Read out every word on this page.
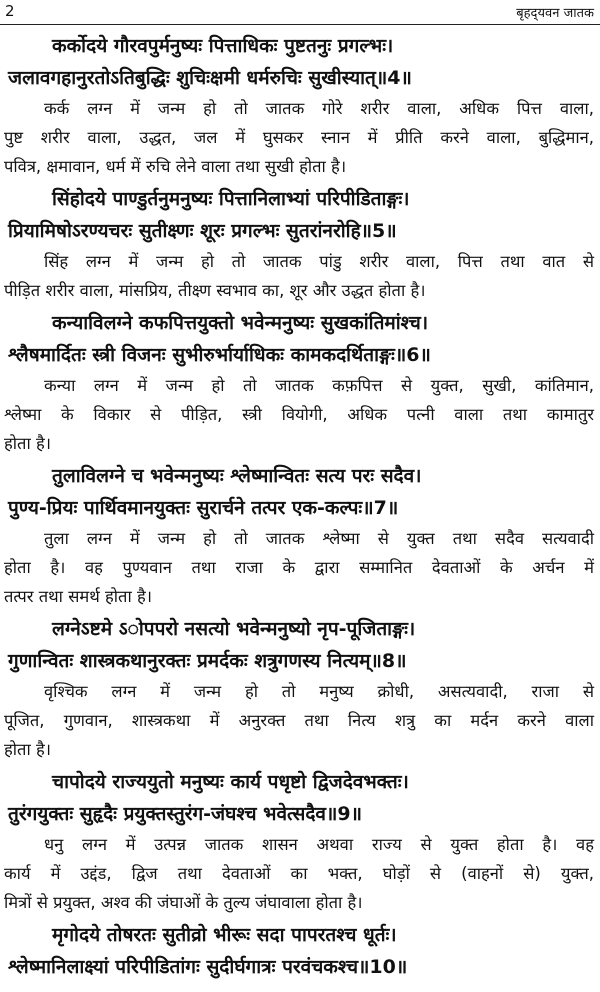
2	बृहद्‌यवन जातक
कर्कोदये गौरवपुर्मनुष्यः पित्ताधिकः पुष्टतनुः प्रगल्भः।
जलावगहानुरतोऽतिबुद्धिः शुचिःक्षमी धर्मरुचिः सुखीस्यात्‌॥4॥
कर्क लग्न में जन्म हो तो जातक गोरे शरीर वाला, अधिक पित्त वाला,
पुष्ट शरीर वाला, उद्धत, जल में घुसकर स्नान में प्रीति करने वाला, बुद्धिमान,
पवित्र, क्षमावान, धर्म में रुचि लेने वाला तथा सुखी होता है।
सिंहोदये पाण्डुर्तनुमनुष्यः पित्तानिलाभ्यां परिपीडिताङ्गः।
प्रियामिषोऽरण्यचरः सुतीक्ष्णः शूरः प्रगल्भः सुतरांनरोहि॥5॥
सिंह लग्न में जन्म हो तो जातक पांडु शरीर वाला, पित्त तथा वात से
पीड़ित शरीर वाला, मांसप्रिय, तीक्ष्ण स्वभाव का, शूर और उद्धत होता है।
कन्याविलग्ने कफपित्तयुक्तो भवेन्मनुष्यः सुखकांतिमांश्च।
श्लैषमार्दितः स्त्री विजनः सुभीरुर्भार्याधिकः कामकदर्थिताङ्गः॥6॥
कन्या लग्न में जन्म हो तो जातक कफ़पित्त से युक्त, सुखी, कांतिमान,
श्लेष्मा के विकार से पीड़ित, स्त्री वियोगी, अधिक पत्नी वाला तथा कामातुर
होता है।
तुलाविलग्ने च भवेन्मनुष्यः श्लेष्मान्वितः सत्य परः सदैव।
पुण्य-प्रियः पार्थिवमानयुक्तः सुरार्चने तत्पर एक-कल्पः॥7॥
तुला लग्न में जन्म हो तो जातक श्लेष्मा से युक्त तथा सदैव सत्यवादी
होता है। वह पुण्यवान तथा राजा के द्वारा सम्मानित देवताओं के अर्चन में
तत्पर तथा समर्थ होता है।
लग्नेऽष्टमे ऽोपपरो नसत्यो भवेन्मनुष्यो नृप-पूजिताङ्गः।
गुणान्वितः शास्त्रकथानुरक्तः प्रमर्दकः शत्रुगणस्य नित्यम्‌॥8॥
वृश्चिक लग्न में जन्म हो तो मनुष्य क्रोधी, असत्यवादी, राजा से
पूजित, गुणवान, शास्त्रकथा में अनुरक्त तथा नित्य शत्रु का मर्दन करने वाला
होता है।
चापोदये राज्ययुतो मनुष्यः कार्य पधृष्टो द्विजदेवभक्तः।
तुरंगयुक्तः सुहृदैः प्रयुक्तस्तुरंग-जंघश्च भवेत्सदैव॥9॥
धनु लग्न में उत्पन्न जातक शासन अथवा राज्य से युक्त होता है। वह
कार्य में उद्दंड, द्विज तथा देवताओं का भक्त, घोड़ों से (वाहनों से) युक्त,
मित्रों से प्रयुक्त, अश्व की जंघाओं के तुल्य जंघावाला होता है।
मृगोदये तोषरतः सुतीव्रो भीरूः सदा पापरतश्च धूर्तः।
श्लेष्मानिलाक्ष्यां परिपीडितांगः सुदीर्घगात्रः परवंचकश्च॥10॥
